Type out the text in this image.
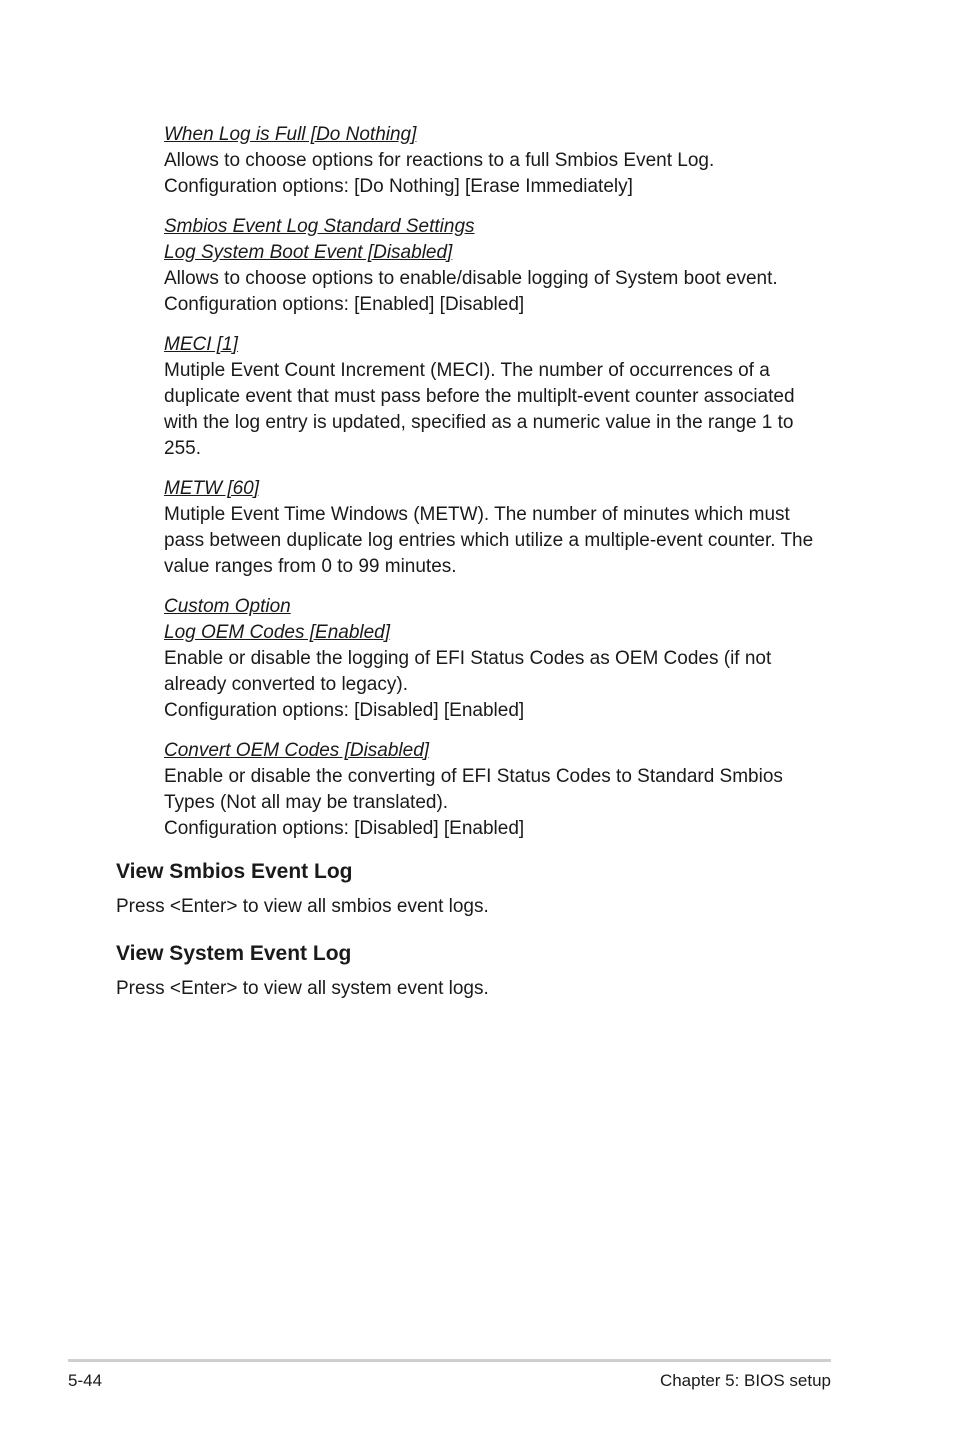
When Log is Full [Do Nothing]
Allows to choose options for reactions to a full Smbios Event Log.
Configuration options: [Do Nothing] [Erase Immediately]
Smbios Event Log Standard Settings
Log System Boot Event [Disabled]
Allows to choose options to enable/disable logging of System boot event.
Configuration options: [Enabled] [Disabled]
MECI [1]
Mutiple Event Count Increment (MECI). The number of occurrences of a
duplicate event that must pass before the multiplt-event counter associated
with the log entry is updated, specified as a numeric value in the range 1 to
255.
METW [60]
Mutiple Event Time Windows (METW). The number of minutes which must
pass between duplicate log entries which utilize a multiple-event counter. The
value ranges from 0 to 99 minutes.
Custom Option
Log OEM Codes [Enabled]
Enable or disable the logging of EFI Status Codes as OEM Codes (if not
already converted to legacy).
Configuration options: [Disabled] [Enabled]
Convert OEM Codes [Disabled]
Enable or disable the converting of EFI Status Codes to Standard Smbios
Types (Not all may be translated).
Configuration options: [Disabled] [Enabled]
View Smbios Event Log
Press <Enter> to view all smbios event logs.
View System Event Log
Press <Enter> to view all system event logs.
5-44	Chapter 5: BIOS setup
